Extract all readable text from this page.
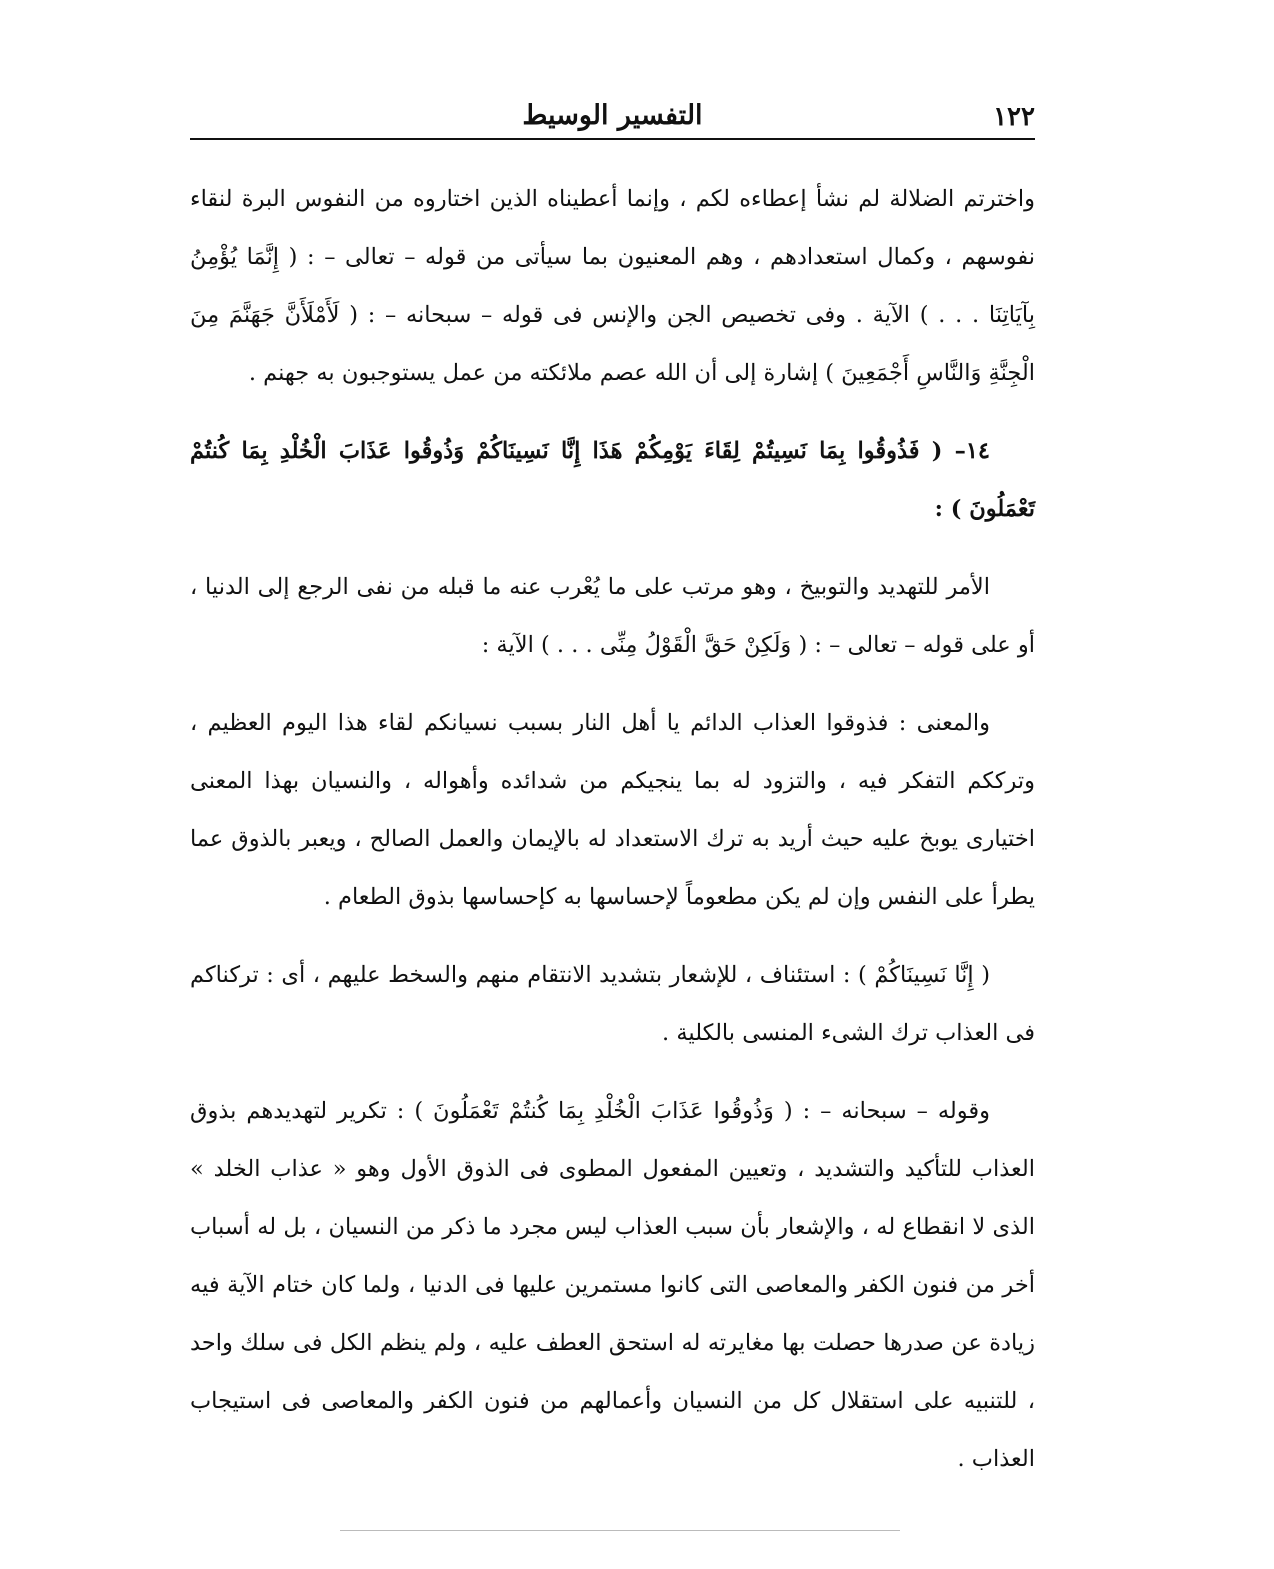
١٢٢
التفسير الوسيط

واخترتم الضلالة لم نشأ إعطاءه لكم ، وإنما أعطيناه الذين اختاروه من النفوس البرة لنقاء نفوسهم ، وكمال استعدادهم ، وهم المعنيون بما سيأتى من قوله – تعالى – : ( إِنَّمَا يُؤْمِنُ بِآيَاتِنَا . . . ) الآية . وفى تخصيص الجن والإنس فى قوله – سبحانه – : ( لَأَمْلَأَنَّ جَهَنَّمَ مِنَ الْجِنَّةِ وَالنَّاسِ أَجْمَعِينَ ) إشارة إلى أن الله عصم ملائكته من عمل يستوجبون به جهنم .

١٤– ( فَذُوقُوا بِمَا نَسِيتُمْ لِقَاءَ يَوْمِكُمْ هَذَا إِنَّا نَسِينَاكُمْ وَذُوقُوا عَذَابَ الْخُلْدِ بِمَا كُنتُمْ تَعْمَلُونَ ) :

الأمر للتهديد والتوبيخ ، وهو مرتب على ما يُعْرب عنه ما قبله من نفى الرجع إلى الدنيا ، أو على قوله – تعالى – : ( وَلَكِنْ حَقَّ الْقَوْلُ مِنِّى . . . ) الآية :

والمعنى : فذوقوا العذاب الدائم يا أهل النار بسبب نسيانكم لقاء هذا اليوم العظيم ، وترككم التفكر فيه ، والتزود له بما ينجيكم من شدائده وأهواله ، والنسيان بهذا المعنى اختيارى يوبخ عليه حيث أريد به ترك الاستعداد له بالإيمان والعمل الصالح ، ويعبر بالذوق عما يطرأ على النفس وإن لم يكن مطعوماً لإحساسها به كإحساسها بذوق الطعام .

( إِنَّا نَسِينَاكُمْ ) : استئناف ، للإشعار بتشديد الانتقام منهم والسخط عليهم ، أى : تركناكم فى العذاب ترك الشىء المنسى بالكلية .

وقوله – سبحانه – : ( وَذُوقُوا عَذَابَ الْخُلْدِ بِمَا كُنتُمْ تَعْمَلُونَ ) : تكرير لتهديدهم بذوق العذاب للتأكيد والتشديد ، وتعيين المفعول المطوى فى الذوق الأول وهو « عذاب الخلد » الذى لا انقطاع له ، والإشعار بأن سبب العذاب ليس مجرد ما ذكر من النسيان ، بل له أسباب أخر من فنون الكفر والمعاصى التى كانوا مستمرين عليها فى الدنيا ، ولما كان ختام الآية فيه زيادة عن صدرها حصلت بها مغايرته له استحق العطف عليه ، ولم ينظم الكل فى سلك واحد ، للتنبيه على استقلال كل من النسيان وأعمالهم من فنون الكفر والمعاصى فى استيجاب العذاب .
